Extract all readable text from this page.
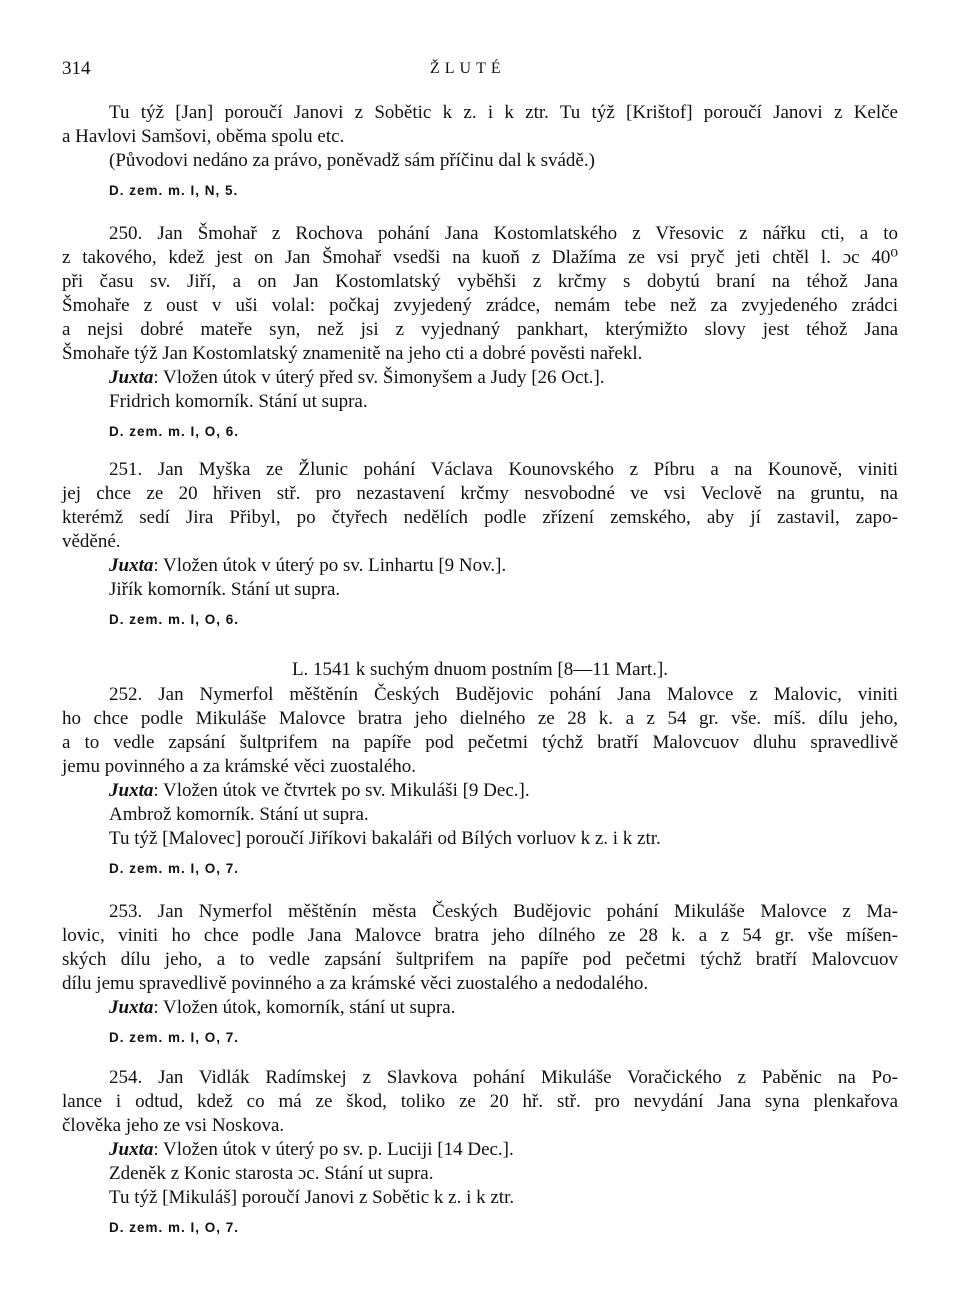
314	ŽLUTÉ
Tu týž [Jan] poroučí Janovi z Sobětic k z. i k ztr. Tu týž [Krištof] poroučí Janovi z Kelče
a Havlovi Samšovi, oběma spolu etc.
(Původovi nedáno za právo, poněvadž sám příčinu dal k svádě.)
D. zem. m. I, N, 5.
250. Jan Šmohař z Rochova pohání Jana Kostomlatského z Vřesovic z nářku cti, a to
z takového, kdež jest on Jan Šmohař vsedši na kuoň z Dlažíma ze vsi pryč jeti chtěl l. ɔc 40⁰
při času sv. Jiří, a on Jan Kostomlatský vyběhši z krčmy s dobytú braní na téhož Jana
Šmohaře z oust v uši volal: počkaj zvyjedený zrádce, nemám tebe než za zvyjedeného zrádci
a nejsi dobré mateře syn, než jsi z vyjednaný pankhart, kterýmižto slovy jest téhož Jana
Šmohaře týž Jan Kostomlatský znamenitě na jeho cti a dobré pověsti nařekl.
Juxta: Vložen útok v úterý před sv. Šimonyšem a Judy [26 Oct.].
Fridrich komorník. Stání ut supra.
D. zem. m. I, O, 6.
251. Jan Myška ze Žlunic pohání Václava Kounovského z Píbru a na Kounově, viniti
jej chce ze 20 hřiven stř. pro nezastavení krčmy nesvobodné ve vsi Veclově na gruntu, na
kterémž sedí Jira Přibyl, po čtyřech nedělích podle zřízení zemského, aby jí zastavil, zapo-
věděné.
Juxta: Vložen útok v úterý po sv. Linhartu [9 Nov.].
Jiřík komorník. Stání ut supra.
D. zem. m. I, O, 6.
L. 1541 k suchým dnuom postním [8—11 Mart.].
252. Jan Nymerfol měštěnín Českých Budějovic pohání Jana Malovce z Malovic, viniti
ho chce podle Mikuláše Malovce bratra jeho dielného ze 28 k. a z 54 gr. vše. míš. dílu jeho,
a to vedle zapsání šultprifem na papíře pod pečetmi týchž bratří Malovcuov dluhu spravedlivě
jemu povinného a za krámské věci zuostalého.
Juxta: Vložen útok ve čtvrtek po sv. Mikuláši [9 Dec.].
Ambrož komorník. Stání ut supra.
Tu týž [Malovec] poroučí Jiříkovi bakaláři od Bílých vorluov k z. i k ztr.
D. zem. m. I, O, 7.
253. Jan Nymerfol měštěnín města Českých Budějovic pohání Mikuláše Malovce z Ma-
lovic, viniti ho chce podle Jana Malovce bratra jeho dílného ze 28 k. a z 54 gr. vše míšen-
ských dílu jeho, a to vedle zapsání šultprifem na papíře pod pečetmi týchž bratří Malovcuov
dílu jemu spravedlivě povinného a za krámské věci zuostalého a nedodalého.
Juxta: Vložen útok, komorník, stání ut supra.
D. zem. m. I, O, 7.
254. Jan Vidlák Radímskej z Slavkova pohání Mikuláše Voračického z Paběnic na Po-
lance i odtud, kdež co má ze škod, toliko ze 20 hř. stř. pro nevydání Jana syna plenkařova
člověka jeho ze vsi Noskova.
Juxta: Vložen útok v úterý po sv. p. Luciji [14 Dec.].
Zdeněk z Konic starosta ɔc. Stání ut supra.
Tu týž [Mikuláš] poroučí Janovi z Sobětic k z. i k ztr.
D. zem. m. I, O, 7.
